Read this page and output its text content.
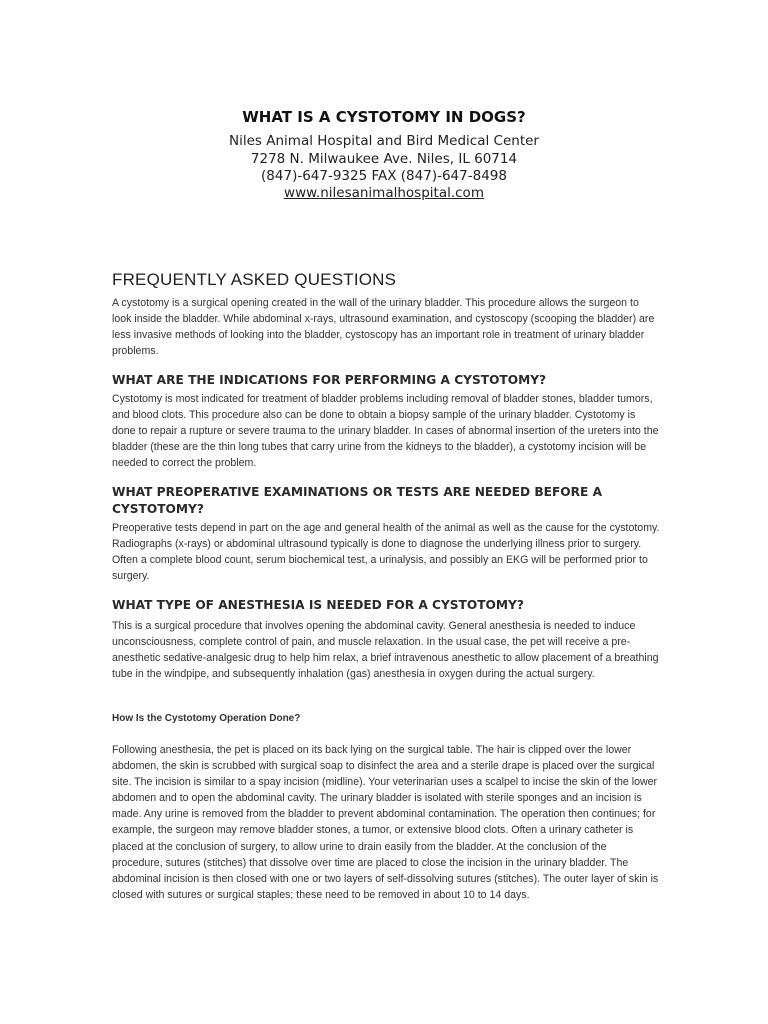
WHAT IS A CYSTOTOMY IN DOGS?
Niles Animal Hospital and Bird Medical Center
7278 N. Milwaukee Ave. Niles, IL 60714
(847)-647-9325 FAX (847)-647-8498
www.nilesanimalhospital.com
FREQUENTLY ASKED QUESTIONS
A cystotomy is a surgical opening created in the wall of the urinary bladder. This procedure allows the surgeon to look inside the bladder. While abdominal x-rays, ultrasound examination, and cystoscopy (scooping the bladder) are less invasive methods of looking into the bladder, cystoscopy has an important role in treatment of urinary bladder problems.
WHAT ARE THE INDICATIONS FOR PERFORMING A CYSTOTOMY?
Cystotomy is most indicated for treatment of bladder problems including removal of bladder stones, bladder tumors, and blood clots. This procedure also can be done to obtain a biopsy sample of the urinary bladder. Cystotomy is done to repair a rupture or severe trauma to the urinary bladder. In cases of abnormal insertion of the ureters into the bladder (these are the thin long tubes that carry urine from the kidneys to the bladder), a cystotomy incision will be needed to correct the problem.
WHAT PREOPERATIVE EXAMINATIONS OR TESTS ARE NEEDED BEFORE A CYSTOTOMY?
Preoperative tests depend in part on the age and general health of the animal as well as the cause for the cystotomy. Radiographs (x-rays) or abdominal ultrasound typically is done to diagnose the underlying illness prior to surgery. Often a complete blood count, serum biochemical test, a urinalysis, and possibly an EKG will be performed prior to surgery.
WHAT TYPE OF ANESTHESIA IS NEEDED FOR A CYSTOTOMY?
This is a surgical procedure that involves opening the abdominal cavity. General anesthesia is needed to induce unconsciousness, complete control of pain, and muscle relaxation. In the usual case, the pet will receive a pre-anesthetic sedative-analgesic drug to help him relax, a brief intravenous anesthetic to allow placement of a breathing tube in the windpipe, and subsequently inhalation (gas) anesthesia in oxygen during the actual surgery.
How Is the Cystotomy Operation Done?
Following anesthesia, the pet is placed on its back lying on the surgical table. The hair is clipped over the lower abdomen, the skin is scrubbed with surgical soap to disinfect the area and a sterile drape is placed over the surgical site. The incision is similar to a spay incision (midline). Your veterinarian uses a scalpel to incise the skin of the lower abdomen and to open the abdominal cavity. The urinary bladder is isolated with sterile sponges and an incision is made. Any urine is removed from the bladder to prevent abdominal contamination. The operation then continues; for example, the surgeon may remove bladder stones, a tumor, or extensive blood clots. Often a urinary catheter is placed at the conclusion of surgery, to allow urine to drain easily from the bladder. At the conclusion of the procedure, sutures (stitches) that dissolve over time are placed to close the incision in the urinary bladder. The abdominal incision is then closed with one or two layers of self-dissolving sutures (stitches). The outer layer of skin is closed with sutures or surgical staples; these need to be removed in about 10 to 14 days.
